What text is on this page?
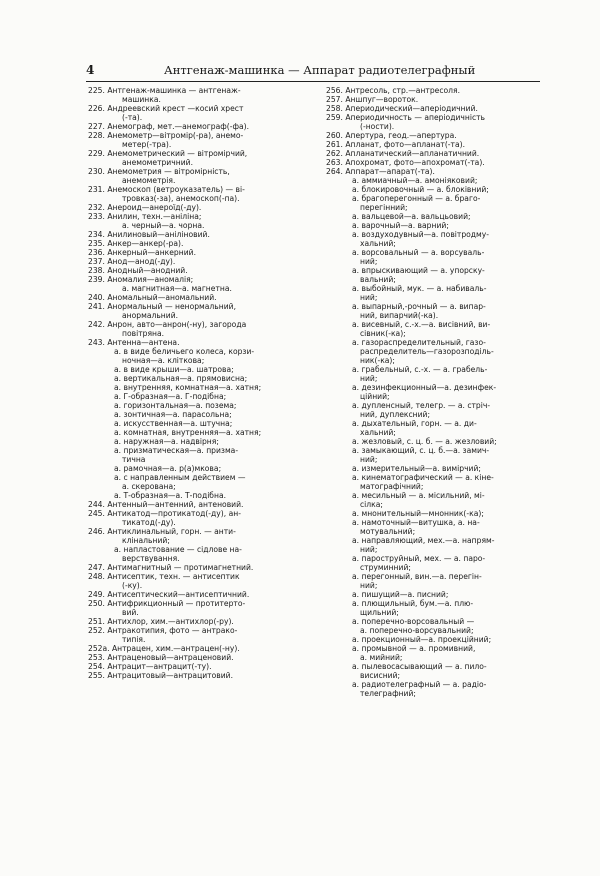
4	Антгенаж-машинка — Аппарат радиотелеграфный
225. Антгенаж-машинка — антгенаж-
машинка.
226. Андреевский крест —косий хрест
(-та).
227. Анемограф, мет.—анемограф(-фа).
228. Анемометр—вітромір(-ра), анемо-
метер(-тра).
229. Анемометрический — вітромірчий,
анемометричний.
230. Анемометрия — вітромірність,
анемометрія.
231. Анемоскоп (ветроуказатель) — ві-
тровказ(-за), анемоскоп(-па).
232. Анероид—анероїд(-ду).
233. Анилин, техн.—аніліна;
а. черный—а. чорна.
234. Анилиновый—аніліновий.
235. Анкер—анкер(-ра).
236. Анкерный—анкерний.
237. Анод—анод(-ду).
238. Анодный—анодний.
239. Аномалия—аномалія;
а. магнитная—а. магнетна.
240. Аномальный—аномальний.
241. Анормальный — ненормальний,
анормальний.
242. Анрон, авто—анрон(-ну), загорода
повітряна.
243. Антенна—антена.
а. в виде беличьего колеса, корзи-
ночная—а. кліткова;
а. в виде крыши—а. шатрова;
а. вертикальная—а. прямовисна;
а. внутренняя, комнатная—а. хатня;
а. Г-образная—а. Г-подібна;
а. горизонтальная—а. позема;
а. зонтичная—а. парасольна;
а. искусственная—а. штучна;
а. комнатная, внутренняя—а. хатня;
а. наружная—а. надвірня;
а. призматическая—а. призма-
тична
а. рамочная—а. р(а)мкова;
а. с направленным действием —
а. скерована;
а. Т-образная—а. Т-подібна.
244. Антенный—антенний, антеновий.
245. Антикатод—протикатод(-ду), ан-
тикатод(-ду).
246. Антиклинальный, горн. — анти-
клінальний;
а. напластование — сідлове на-
верствування.
247. Антимагнитный — протимагнетний.
248. Антисептик, техн. — антисептик
(-ку).
249. Антисептический—антисептичний.
250. Антифрикционный — протитерто-
вий.
251. Антихлор, хим.—антихлор(-ру).
252. Антракотипия, фото — антрако-
типія.
252а. Антрацен, хим.—антрацен(-ну).
253. Антраценовый—антраценовий.
254. Антрацит—антрацит(-ту).
255. Антрацитовый—антрацитовий.
256. Антресоль, стр.—антресоля.
257. Аншпуг—вороток.
258. Апериодический—аперіодичний.
259. Апериодичность — аперіодичність
(-ности).
260. Апертура, геод.—апертура.
261. Апланат, фото—апланат(-та).
262. Апланатический—апланатичний.
263. Апохромат, фото—апохромат(-та).
264. Аппарат—апарат(-та).
а. аммиачный—а. амоніяковий;
а. блокировочный — а. блоківний;
а. брагоперегонный — а. браго-
перегінний;
а. вальцевой—а. вальцьовий;
а. варочный—а. варний;
а. воздуходувный—а. повітродму-
хальний;
а. ворсовальный — а. ворсуваль-
ний;
а. впрыскивающий — а. упорску-
вальний;
а. выбойный, мук. — а. набиваль-
ний;
а. выпарный,-рочный — а. випар-
ний, випарчий(-ка).
а. висевный, с.-х.—а. висівний, ви-
сівник(-ка);
а. газораспределительный, газо-
распределитель—газорозподіль-
ник(-ка);
а. грабельный, с.-х. — а. грабель-
ний;
а. дезинфекционный—а. дезинфек-
ційний;
а. дупленсный, телегр. — а. стріч-
ний, дуплексний;
а. дыхательный, горн. — а. ди-
хальний;
а. жезловый, с. ц. б. — а. жезловий;
а. замыкающий, с. ц. б.—а. замич-
ний;
а. измерительный—а. вимірчий;
а. кинематографический — а. кіне-
матографічний;
а. месильный — а. місильний, мі-
сілка;
а. мнонительный—мнонник(-ка);
а. намоточный—витушка, а. на-
мотувальний;
а. направляющий, мех.—а. напрям-
ний;
а. пароструйный, мех. — а. паро-
струминний;
а. перегонный, вин.—а. перегін-
ний;
а. пишущий—а. писний;
а. плющильный, бум.—а. плю-
щильний;
а. поперечно-ворсовальный —
а. поперечно-ворсувальний;
а. проекционный—а. проекційний;
а. промывной — а. промивний,
а. мийний;
а. пылевосасывающий — а. пило-
висисний;
а. радиотелеграфный — а. радіо-
телеграфний;
